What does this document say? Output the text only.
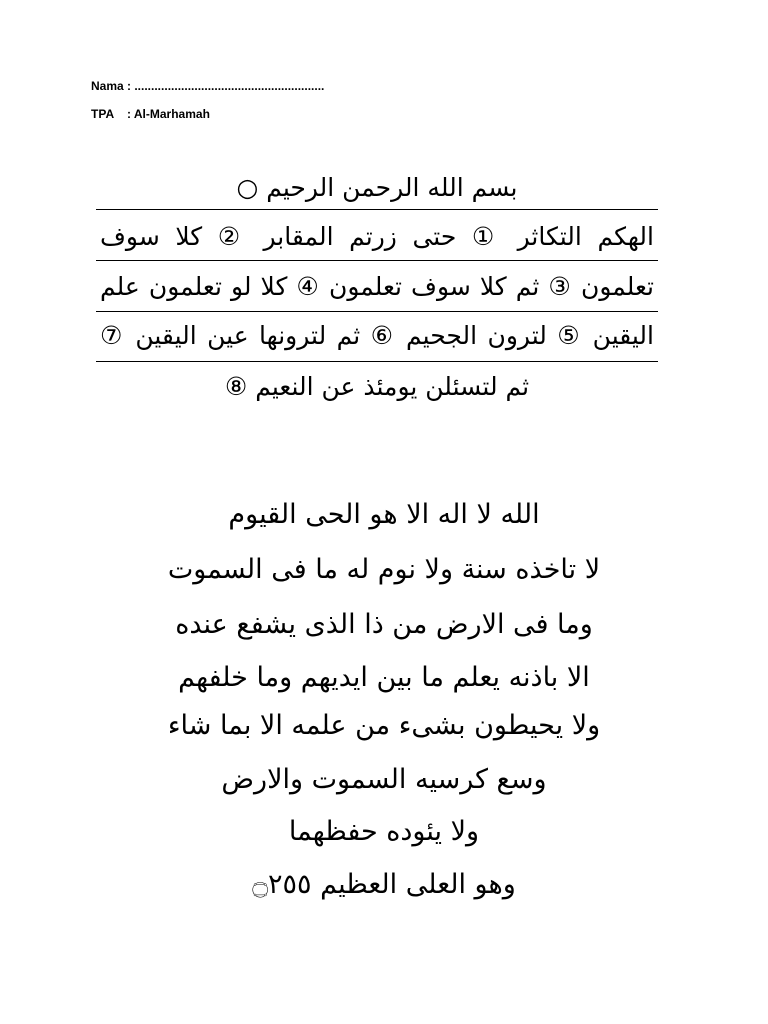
Nama : .........................................................
TPA    : Al-Marhamah
بسم الله الرحمن الرحيم ○
الهكم التكاثر ① حتى زرتم المقابر ② كلا سوف
تعلمون ③ ثم كلا سوف تعلمون ④ كلا لو تعلمون علم
اليقين ⑤ لترون الجحيم ⑥ ثم لترونها عين اليقين ⑦
ثم لتسئلن يومئذ عن النعيم ⑧
الله لا اله الا هو الحى القيوم
لا تاخذه سنة ولا نوم له ما فى السموت
وما فى الارض من ذا الذى يشفع عنده
الا باذنه يعلم ما بين ايديهم وما خلفهم
ولا يحيطون بشىء من علمه الا بما شاء
وسع كرسيه السموت والارض
ولا يئوده حفظهما
وهو العلى العظيم ۝٢٥٥
